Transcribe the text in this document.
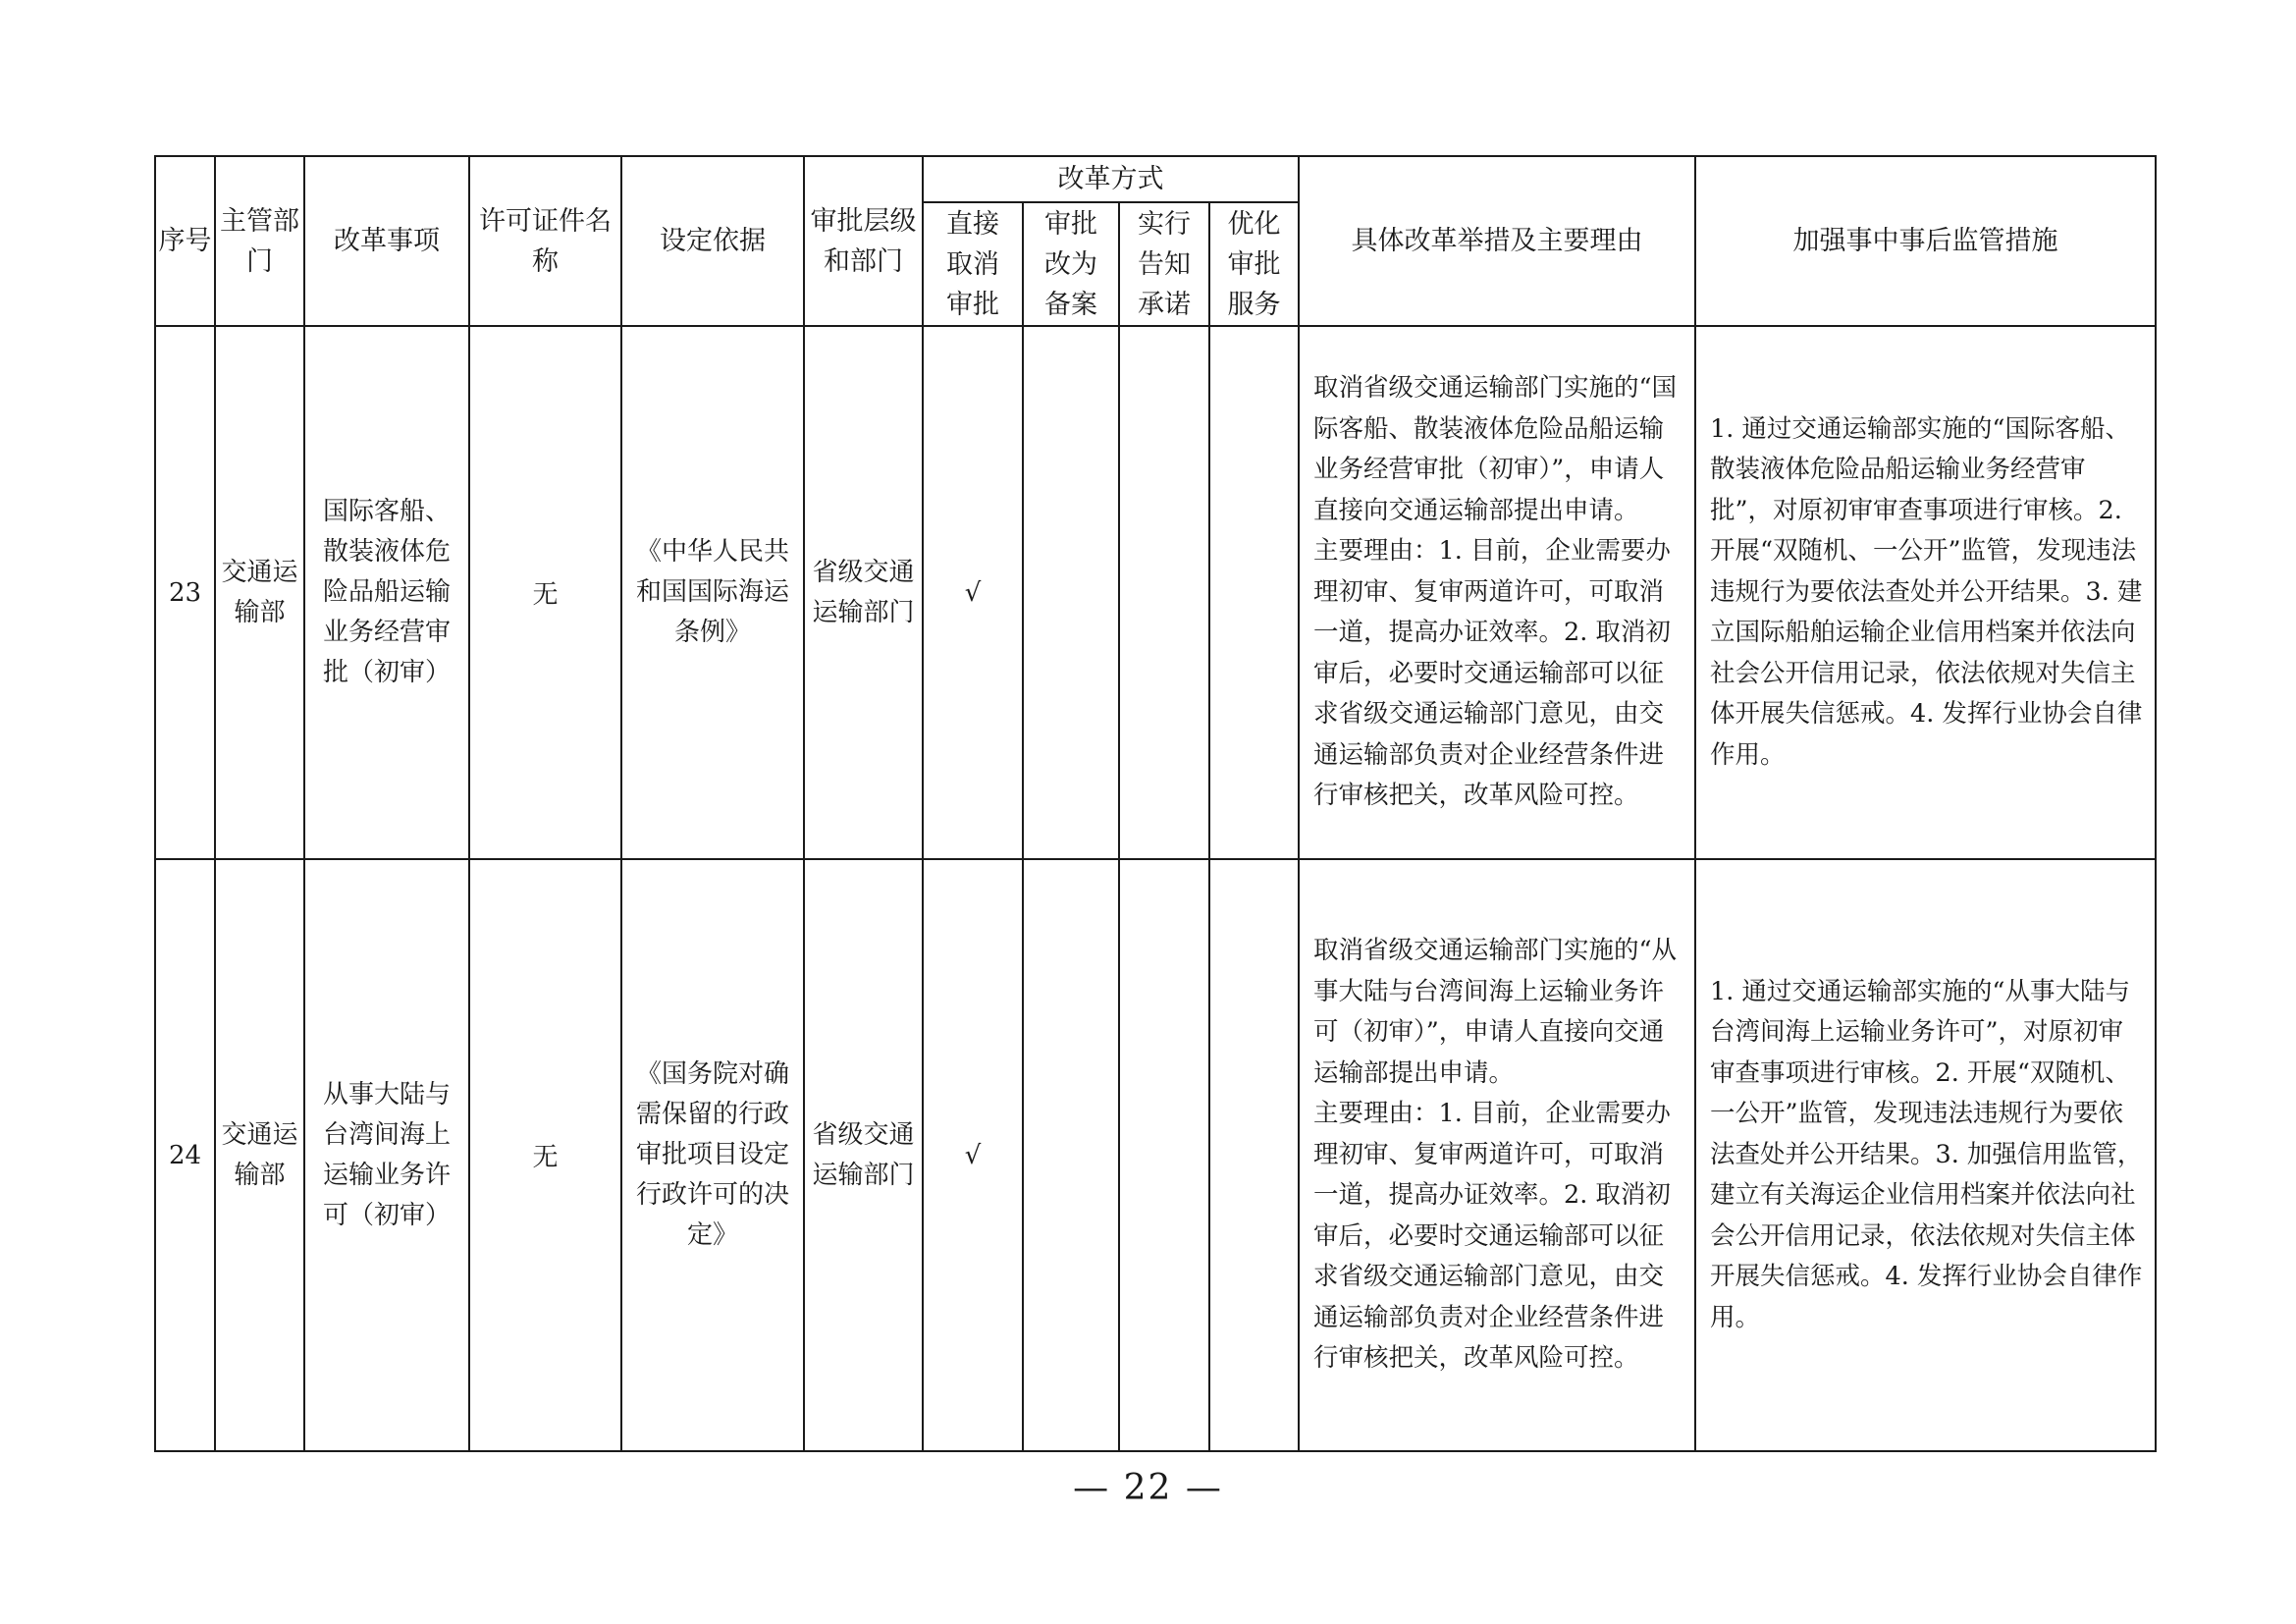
序号	主管部门	改革事项	许可证件名称	设定依据	审批层级和部门	改革方式				具体改革举措及主要理由	加强事中事后监管措施
						直接取消审批	审批改为备案	实行告知承诺	优化审批服务		
23	交通运输部	国际客船、散装液体危险品船运输业务经营审批（初审）	无	《中华人民共和国国际海运条例》	省级交通运输部门	√				取消省级交通运输部门实施的“国际客船、散装液体危险品船运输业务经营审批（初审）”，申请人直接向交通运输部提出申请。

主要理由：1. 目前，企业需要办理初审、复审两道许可，可取消一道，提高办证效率。2. 取消初审后，必要时交通运输部可以征求省级交通运输部门意见，由交通运输部负责对企业经营条件进行审核把关，改革风险可控。	1. 通过交通运输部实施的“国际客船、散装液体危险品船运输业务经营审批”，对原初审审查事项进行审核。2. 开展“双随机、一公开”监管，发现违法违规行为要依法查处并公开结果。3. 建立国际船舶运输企业信用档案并依法向社会公开信用记录，依法依规对失信主体开展失信惩戒。4. 发挥行业协会自律作用。

24	交通运输部	从事大陆与台湾间海上运输业务许可（初审）	无	《国务院对确需保留的行政审批项目设定行政许可的决定》	省级交通运输部门	√				取消省级交通运输部门实施的“从事大陆与台湾间海上运输业务许可（初审）”，申请人直接向交通运输部提出申请。

主要理由：1. 目前，企业需要办理初审、复审两道许可，可取消一道，提高办证效率。2. 取消初审后，必要时交通运输部可以征求省级交通运输部门意见，由交通运输部负责对企业经营条件进行审核把关，改革风险可控。	1. 通过交通运输部实施的“从事大陆与台湾间海上运输业务许可”，对原初审审查事项进行审核。2. 开展“双随机、一公开”监管，发现违法违规行为要依法查处并公开结果。3. 加强信用监管，建立有关海运企业信用档案并依法向社会公开信用记录，依法依规对失信主体开展失信惩戒。4. 发挥行业协会自律作用。

— 22 —
